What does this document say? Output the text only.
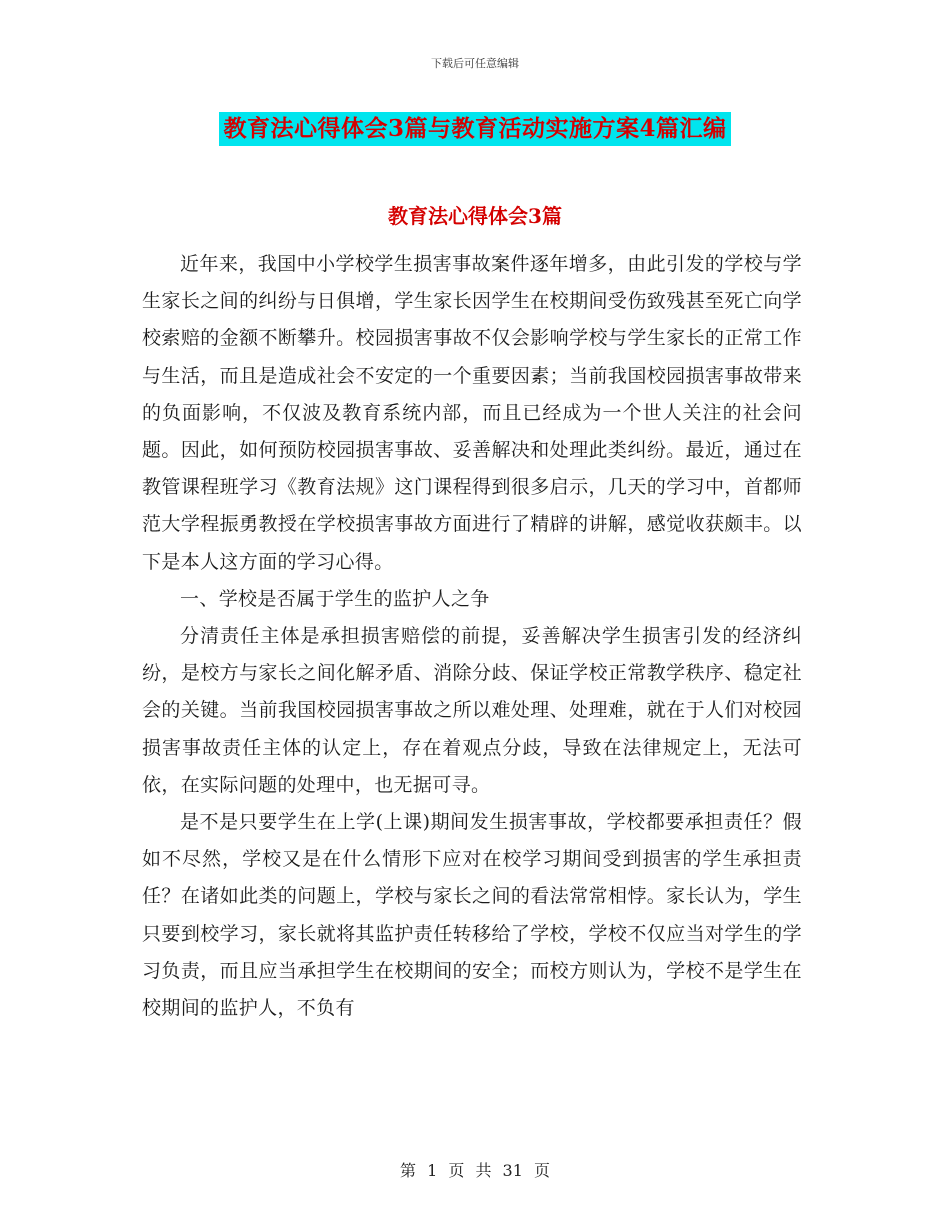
下载后可任意编辑
教育法心得体会3篇与教育活动实施方案4篇汇编
教育法心得体会3篇

近年来，我国中小学校学生损害事故案件逐年增多，由此引发的学校与学生家长之间的纠纷与日俱增，学生家长因学生在校期间受伤致残甚至死亡向学校索赔的金额不断攀升。校园损害事故不仅会影响学校与学生家长的正常工作与生活，而且是造成社会不安定的一个重要因素；当前我国校园损害事故带来的负面影响，不仅波及教育系统内部，而且已经成为一个世人关注的社会问题。因此，如何预防校园损害事故、妥善解决和处理此类纠纷。最近，通过在教管课程班学习《教育法规》这门课程得到很多启示，几天的学习中，首都师范大学程振勇教授在学校损害事故方面进行了精辟的讲解，感觉收获颇丰。以下是本人这方面的学习心得。

一、学校是否属于学生的监护人之争

分清责任主体是承担损害赔偿的前提，妥善解决学生损害引发的经济纠纷，是校方与家长之间化解矛盾、消除分歧、保证学校正常教学秩序、稳定社会的关键。当前我国校园损害事故之所以难处理、处理难，就在于人们对校园损害事故责任主体的认定上，存在着观点分歧，导致在法律规定上，无法可依，在实际问题的处理中，也无据可寻。

是不是只要学生在上学(上课)期间发生损害事故，学校都要承担责任？假如不尽然，学校又是在什么情形下应对在校学习期间受到损害的学生承担责任？在诸如此类的问题上，学校与家长之间的看法常常相悖。家长认为，学生只要到校学习，家长就将其监护责任转移给了学校，学校不仅应当对学生的学习负责，而且应当承担学生在校期间的安全；而校方则认为，学校不是学生在校期间的监护人，不负有

第 1 页 共 31 页
